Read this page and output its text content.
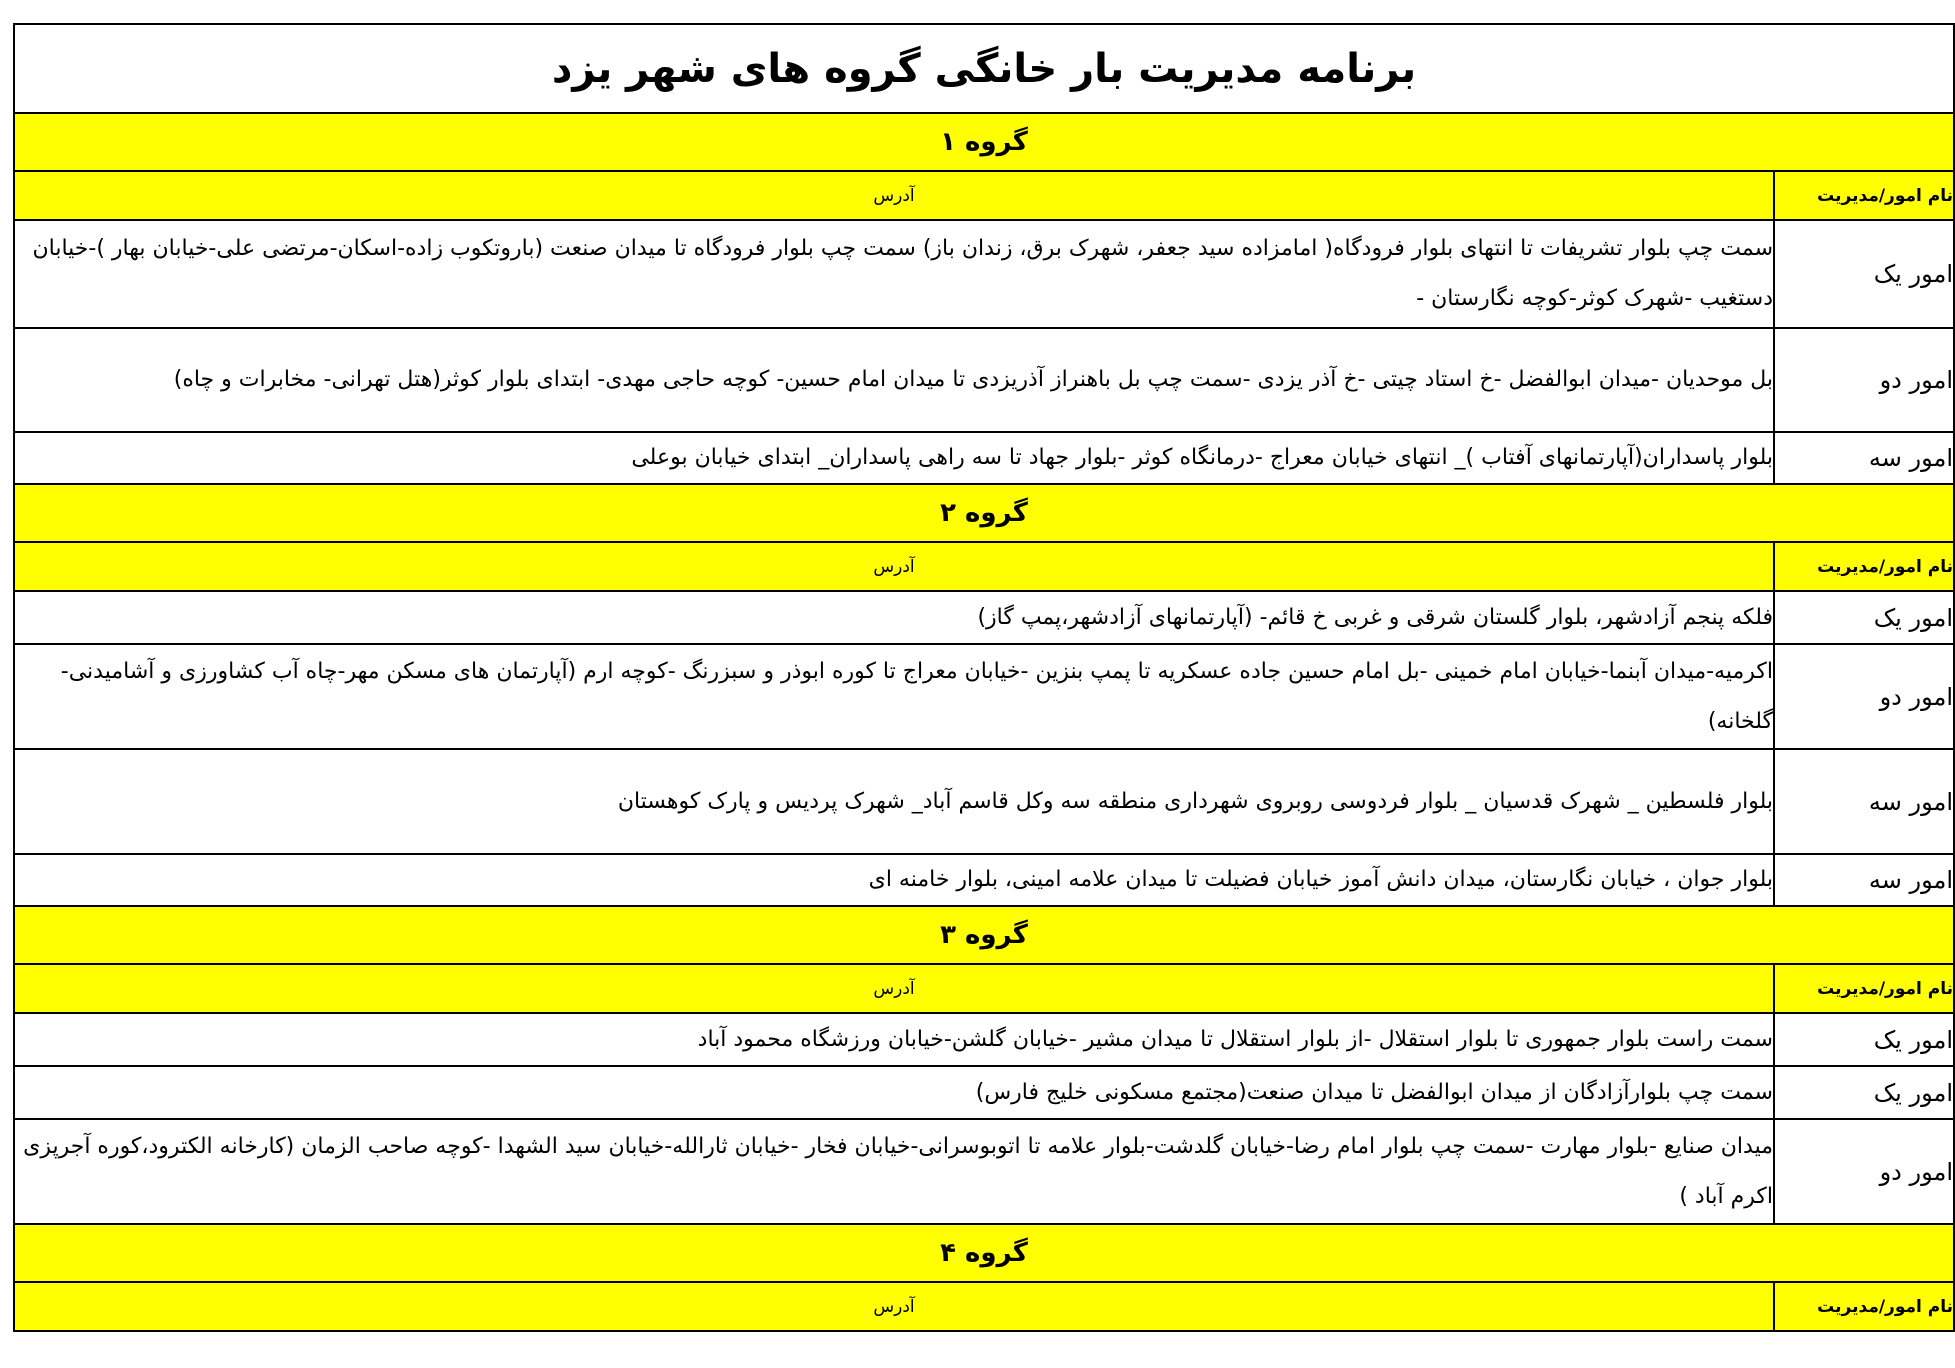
برنامه مدیریت بار خانگی گروه های شهر یزد	
گروه ۱	
نام امور/مدیریت	آدرس
امور یک	سمت چپ بلوار تشریفات تا انتهای بلوار فرودگاه( امامزاده سید جعفر، شهرک برق، زندان باز) سمت چپ بلوار فرودگاه تا میدان صنعت (باروتکوب زاده-اسکان-مرتضی علی-خیابان بهار )-خیابان دستغیب -شهرک کوثر-کوچه نگارستان -
امور دو	بل موحدیان -میدان ابوالفضل -خ استاد چیتی -خ آذر یزدی -سمت چپ بل باهنراز آذریزدی تا میدان امام حسین- کوچه حاجی مهدی- ابتدای بلوار کوثر(هتل تهرانی- مخابرات و چاه)
امور سه	بلوار پاسداران(آپارتمانهای آفتاب )_ انتهای خیابان معراج -درمانگاه کوثر -بلوار جهاد تا سه راهی پاسداران_ ابتدای خیابان بوعلی
گروه ۲	
نام امور/مدیریت	آدرس
امور یک	فلکه پنجم آزادشهر، بلوار گلستان شرقی و غربی خ قائم- (آپارتمانهای آزادشهر،پمپ گاز)
امور دو	اکرمیه-میدان آبنما-خیابان امام خمینی -بل امام حسین جاده عسکریه تا پمپ بنزین -خیابان معراج تا کوره ابوذر و سبزرنگ -کوچه ارم (آپارتمان های مسکن مهر-چاه آب کشاورزی و آشامیدنی-گلخانه)
امور سه	بلوار فلسطین _ شهرک قدسیان _ بلوار فردوسی روبروی شهرداری منطقه سه وکل قاسم آباد_ شهرک پردیس و پارک کوهستان
امور سه	بلوار جوان ، خیابان نگارستان، میدان دانش آموز خیابان فضیلت تا میدان علامه امینی، بلوار خامنه ای
گروه ۳	
نام امور/مدیریت	آدرس
امور یک	سمت راست بلوار جمهوری تا بلوار استقلال -از بلوار استقلال تا میدان مشیر -خیابان گلشن-خیابان ورزشگاه محمود آباد
امور یک	سمت چپ بلوارآزادگان از میدان ابوالفضل تا میدان صنعت(مجتمع مسکونی خلیج فارس)
امور دو	میدان صنایع -بلوار مهارت -سمت چپ بلوار امام رضا-خیابان گلدشت-بلوار علامه تا اتوبوسرانی-خیابان فخار -خیابان ثارالله-خیابان سید الشهدا -کوچه صاحب الزمان (کارخانه الکترود،کوره آجرپزی اکرم آباد )
گروه ۴	
نام امور/مدیریت	آدرس
